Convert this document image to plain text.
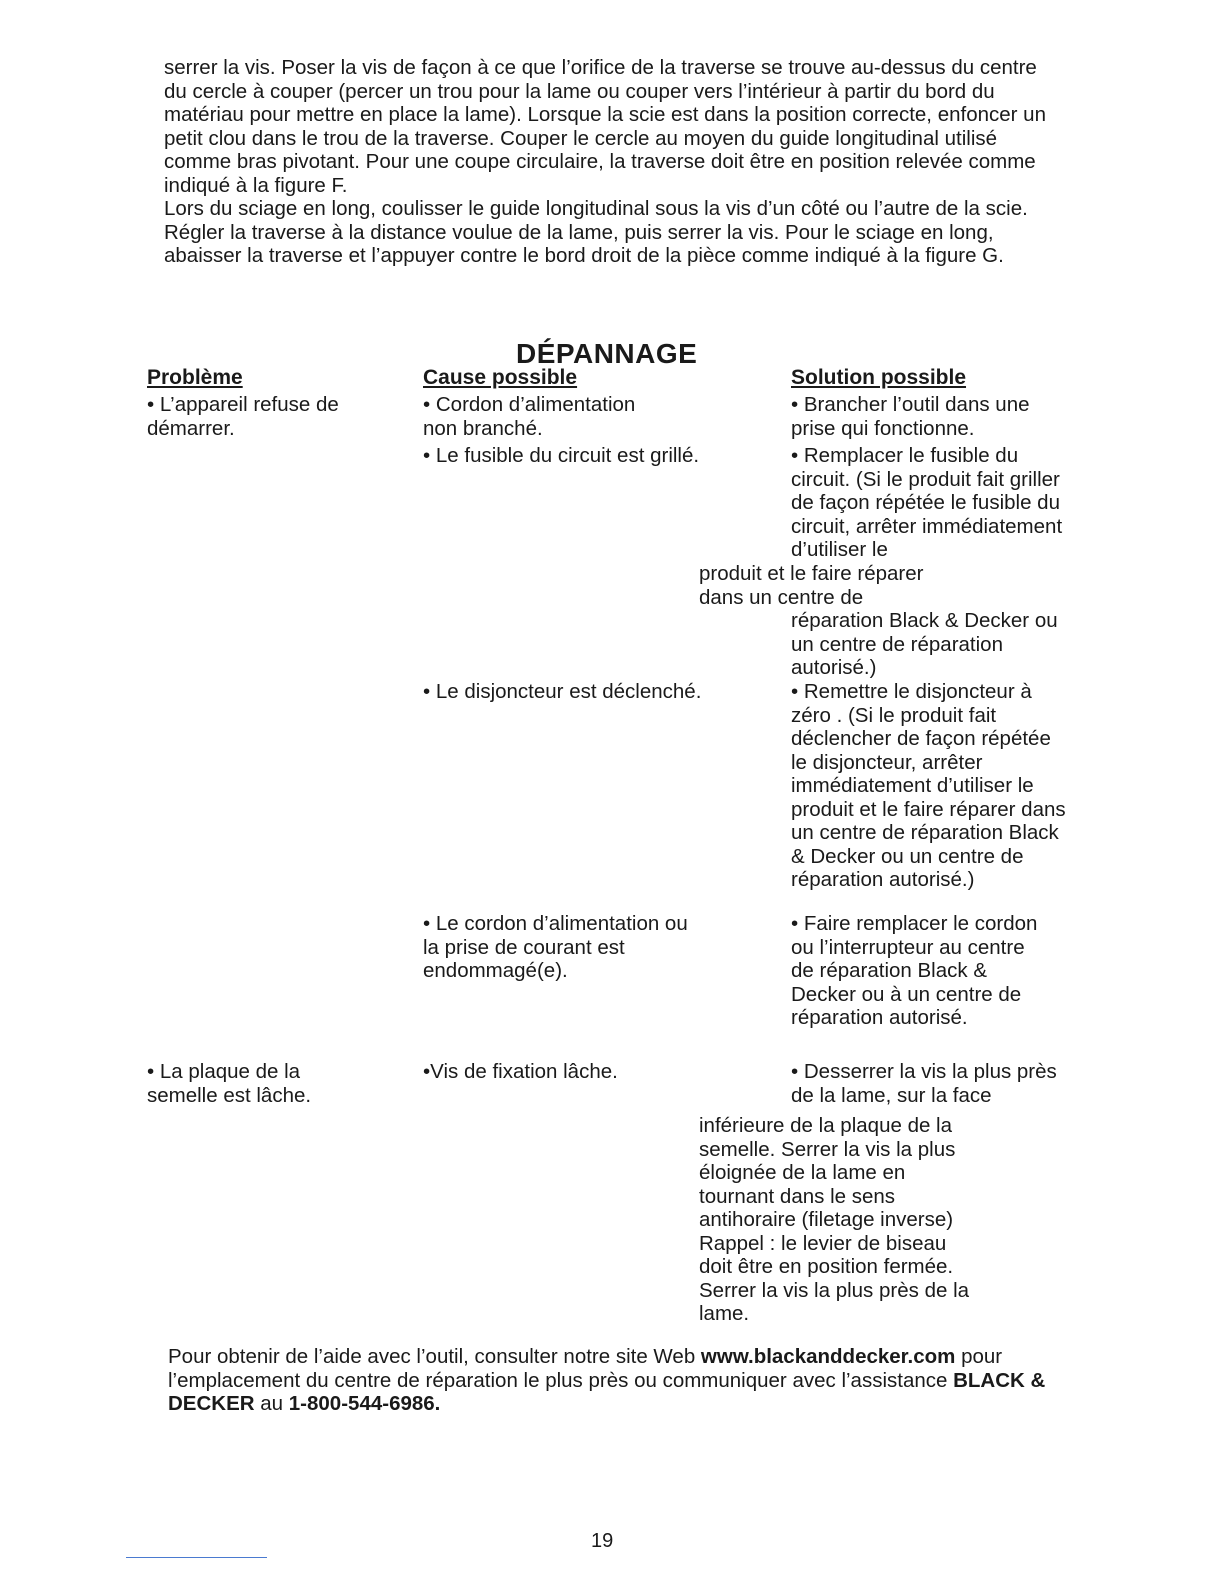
serrer la vis. Poser la vis de façon à ce que l’orifice de la traverse se trouve au-dessus du centre du cercle à couper (percer un trou pour la lame ou couper vers l’intérieur à partir du bord du matériau pour mettre en place la lame). Lorsque la scie est dans la position correcte, enfoncer un petit clou dans le trou de la traverse. Couper le cercle au moyen du guide longitudinal utilisé comme bras pivotant. Pour une coupe circulaire, la traverse doit être en position relevée comme indiqué à la figure F.

Lors du sciage en long, coulisser le guide longitudinal sous la vis d’un côté ou l’autre de la scie. Régler la traverse à la distance voulue de la lame, puis serrer la vis. Pour le sciage en long, abaisser la traverse et l’appuyer contre le bord droit de la pièce comme indiqué à la figure G.

DÉPANNAGE
Problème	Cause possible	Solution possible

• L’appareil refuse de démarrer.

• La plaque de la semelle est lâche.

• Cordon d’alimentation non branché.

• Le fusible du circuit est grillé.

• Le disjoncteur est déclenché.

• Le cordon d’alimentation ou la prise de courant est endommagé(e).

•Vis de fixation lâche.

• Brancher l’outil dans une prise qui fonctionne.

• Remplacer le fusible du circuit. (Si le produit fait griller de façon répétée le fusible du circuit, arrêter immédiatement d’utiliser le

produit et le faire réparer dans un centre de

réparation Black & Decker ou un centre de réparation autorisé.)

• Remettre le disjoncteur à zéro . (Si le produit fait déclencher de façon répétée le disjoncteur, arrêter immédiatement d’utiliser le produit et le faire réparer dans un centre de réparation Black & Decker ou un centre de réparation autorisé.)

• Faire remplacer le cordon ou l’interrupteur au centre de réparation Black & Decker ou à un centre de réparation autorisé.

• Desserrer la vis la plus près de la lame, sur la face

inférieure de la plaque de la semelle. Serrer la vis la plus éloignée de la lame en tournant dans le sens antihoraire (filetage inverse) Rappel : le levier de biseau doit être en position fermée. Serrer la vis la plus près de la lame.

Pour obtenir de l’aide avec l’outil, consulter notre site Web www.blackanddecker.com pour l’emplacement du centre de réparation le plus près ou communiquer avec l’assistance BLACK & DECKER au 1-800-544-6986.

19
